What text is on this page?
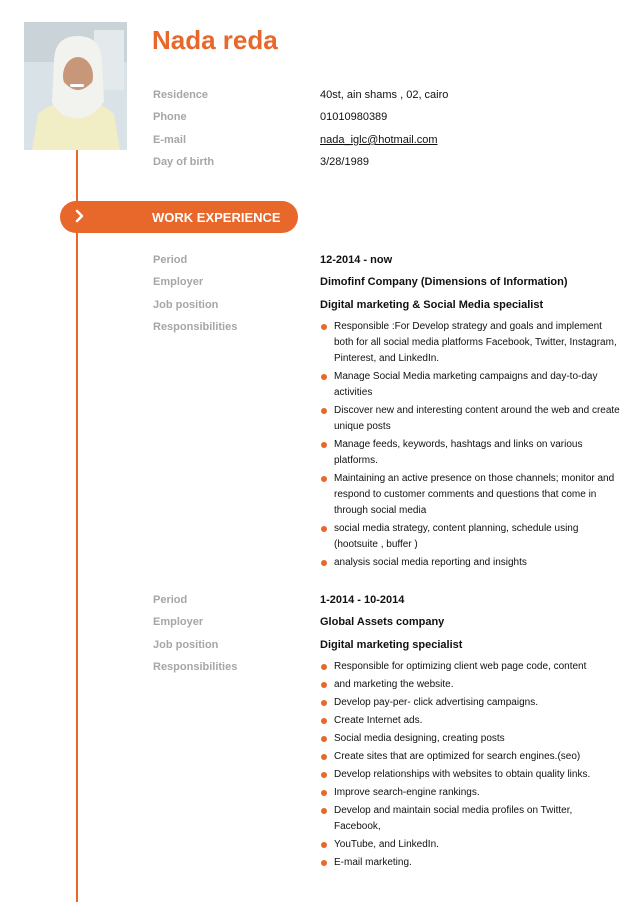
Nada reda
Residence	40st, ain shams , 02, cairo
Phone	01010980389
E-mail	nada_iglc@hotmail.com
Day of birth	3/28/1989
WORK EXPERIENCE
Period	12-2014 - now
Employer	Dimofinf Company (Dimensions of Information)
Job position	Digital marketing & Social Media specialist
Responsibilities	Responsible :For Develop strategy and goals and implement both for all social media platforms Facebook, Twitter, Instagram, Pinterest, and LinkedIn.
Manage Social Media marketing campaigns and day-to-day activities
Discover new and interesting content around the web and create unique posts
Manage feeds, keywords, hashtags and links on various platforms.
Maintaining an active presence on those channels; monitor and respond to customer comments and questions that come in through social media
social media strategy, content planning, schedule using (hootsuite , buffer )
analysis social media reporting and insights
Period	1-2014 - 10-2014
Employer	Global Assets company
Job position	Digital marketing specialist
Responsibilities	Responsible for optimizing client web page code, content
and marketing the website.
Develop pay-per- click advertising campaigns.
Create Internet ads.
Social media designing, creating posts
Create sites that are optimized for search engines.(seo)
Develop relationships with websites to obtain quality links.
Improve search-engine rankings.
Develop and maintain social media profiles on Twitter, Facebook,
YouTube, and LinkedIn.
E-mail marketing.
